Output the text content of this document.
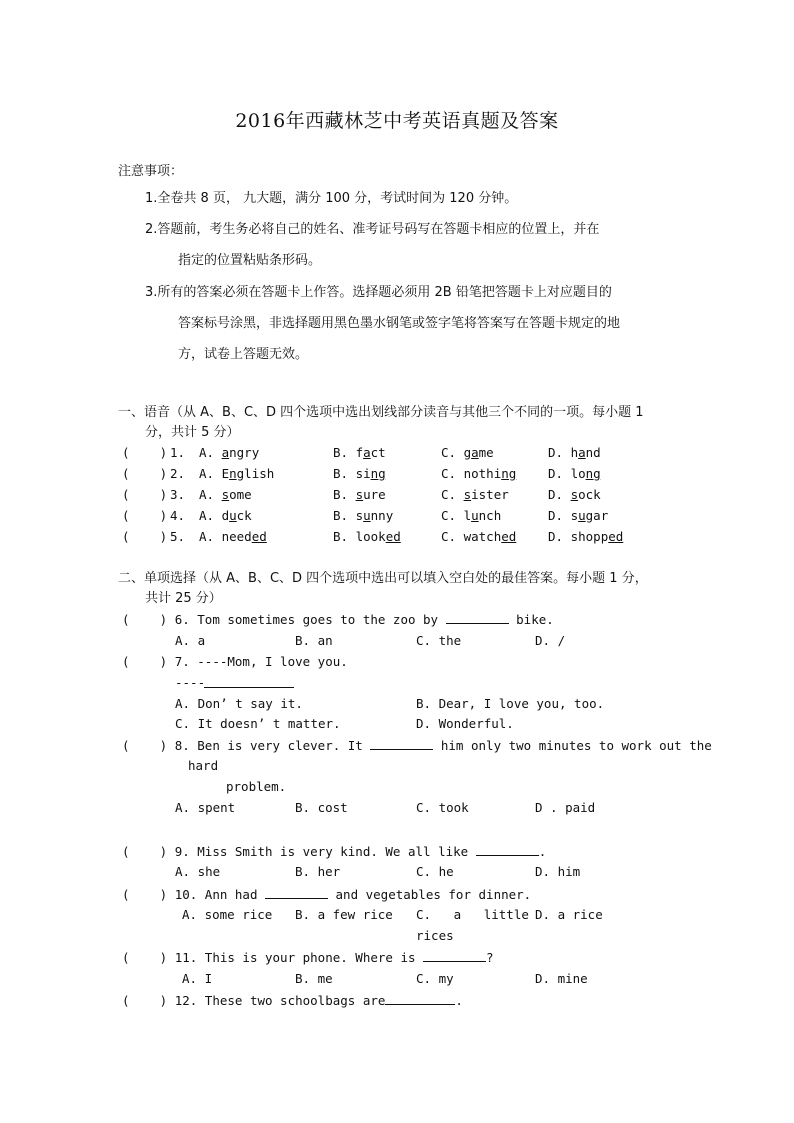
2016年西藏林芝中考英语真题及答案
注意事项：
1.全卷共 8 页， 九大题，满分 100 分，考试时间为 120 分钟。
2.答题前，考生务必将自己的姓名、准考证号码写在答题卡相应的位置上，并在
指定的位置粘贴条形码。
3.所有的答案必须在答题卡上作答。选择题必须用 2B 铅笔把答题卡上对应题目的
答案标号涂黑，非选择题用黑色墨水钢笔或签字笔将答案写在答题卡规定的地
方，试卷上答题无效。
一、语音（从 A、B、C、D 四个选项中选出划线部分读音与其他三个不同的一项。每小题 1
分，共计 5 分）
(    ) 1. A. angry	B. fact	C. game	D. hand
(    ) 2. A. English	B. sing	C. nothing	D. long
(    ) 3. A. some	B. sure	C. sister	D. sock
(    ) 4. A. duck	B. sunny	C. lunch	D. sugar
(    ) 5. A. needed	B. looked	C. watched	D. shopped
二、单项选择（从 A、B、C、D 四个选项中选出可以填入空白处的最佳答案。每小题 1 分，
共计 25 分）
(    ) 6. Tom sometimes goes to the zoo by	bike.
A. a	B. an	C. the	D. /
(    ) 7. ----Mom, I love you.
----
A. Don’ t say it.	B. Dear, I love you, too.
C. It doesn’ t matter.	D. Wonderful.
(    ) 8. Ben is very clever. It	him only two minutes to work out the
hard
problem.
A. spent	B. cost	C. took	D . paid
(    ) 9. Miss Smith is very kind. We all like	.
A. she	B. her	C. he	D. him
(    ) 10. Ann had	and vegetables for dinner.
A. some rice B. a few rice C.   a   little
rices
D. a rice
(    ) 11. This is your phone. Where is	?
A. I	B. me	C. my	D. mine
(    ) 12. These two schoolbags are	.
